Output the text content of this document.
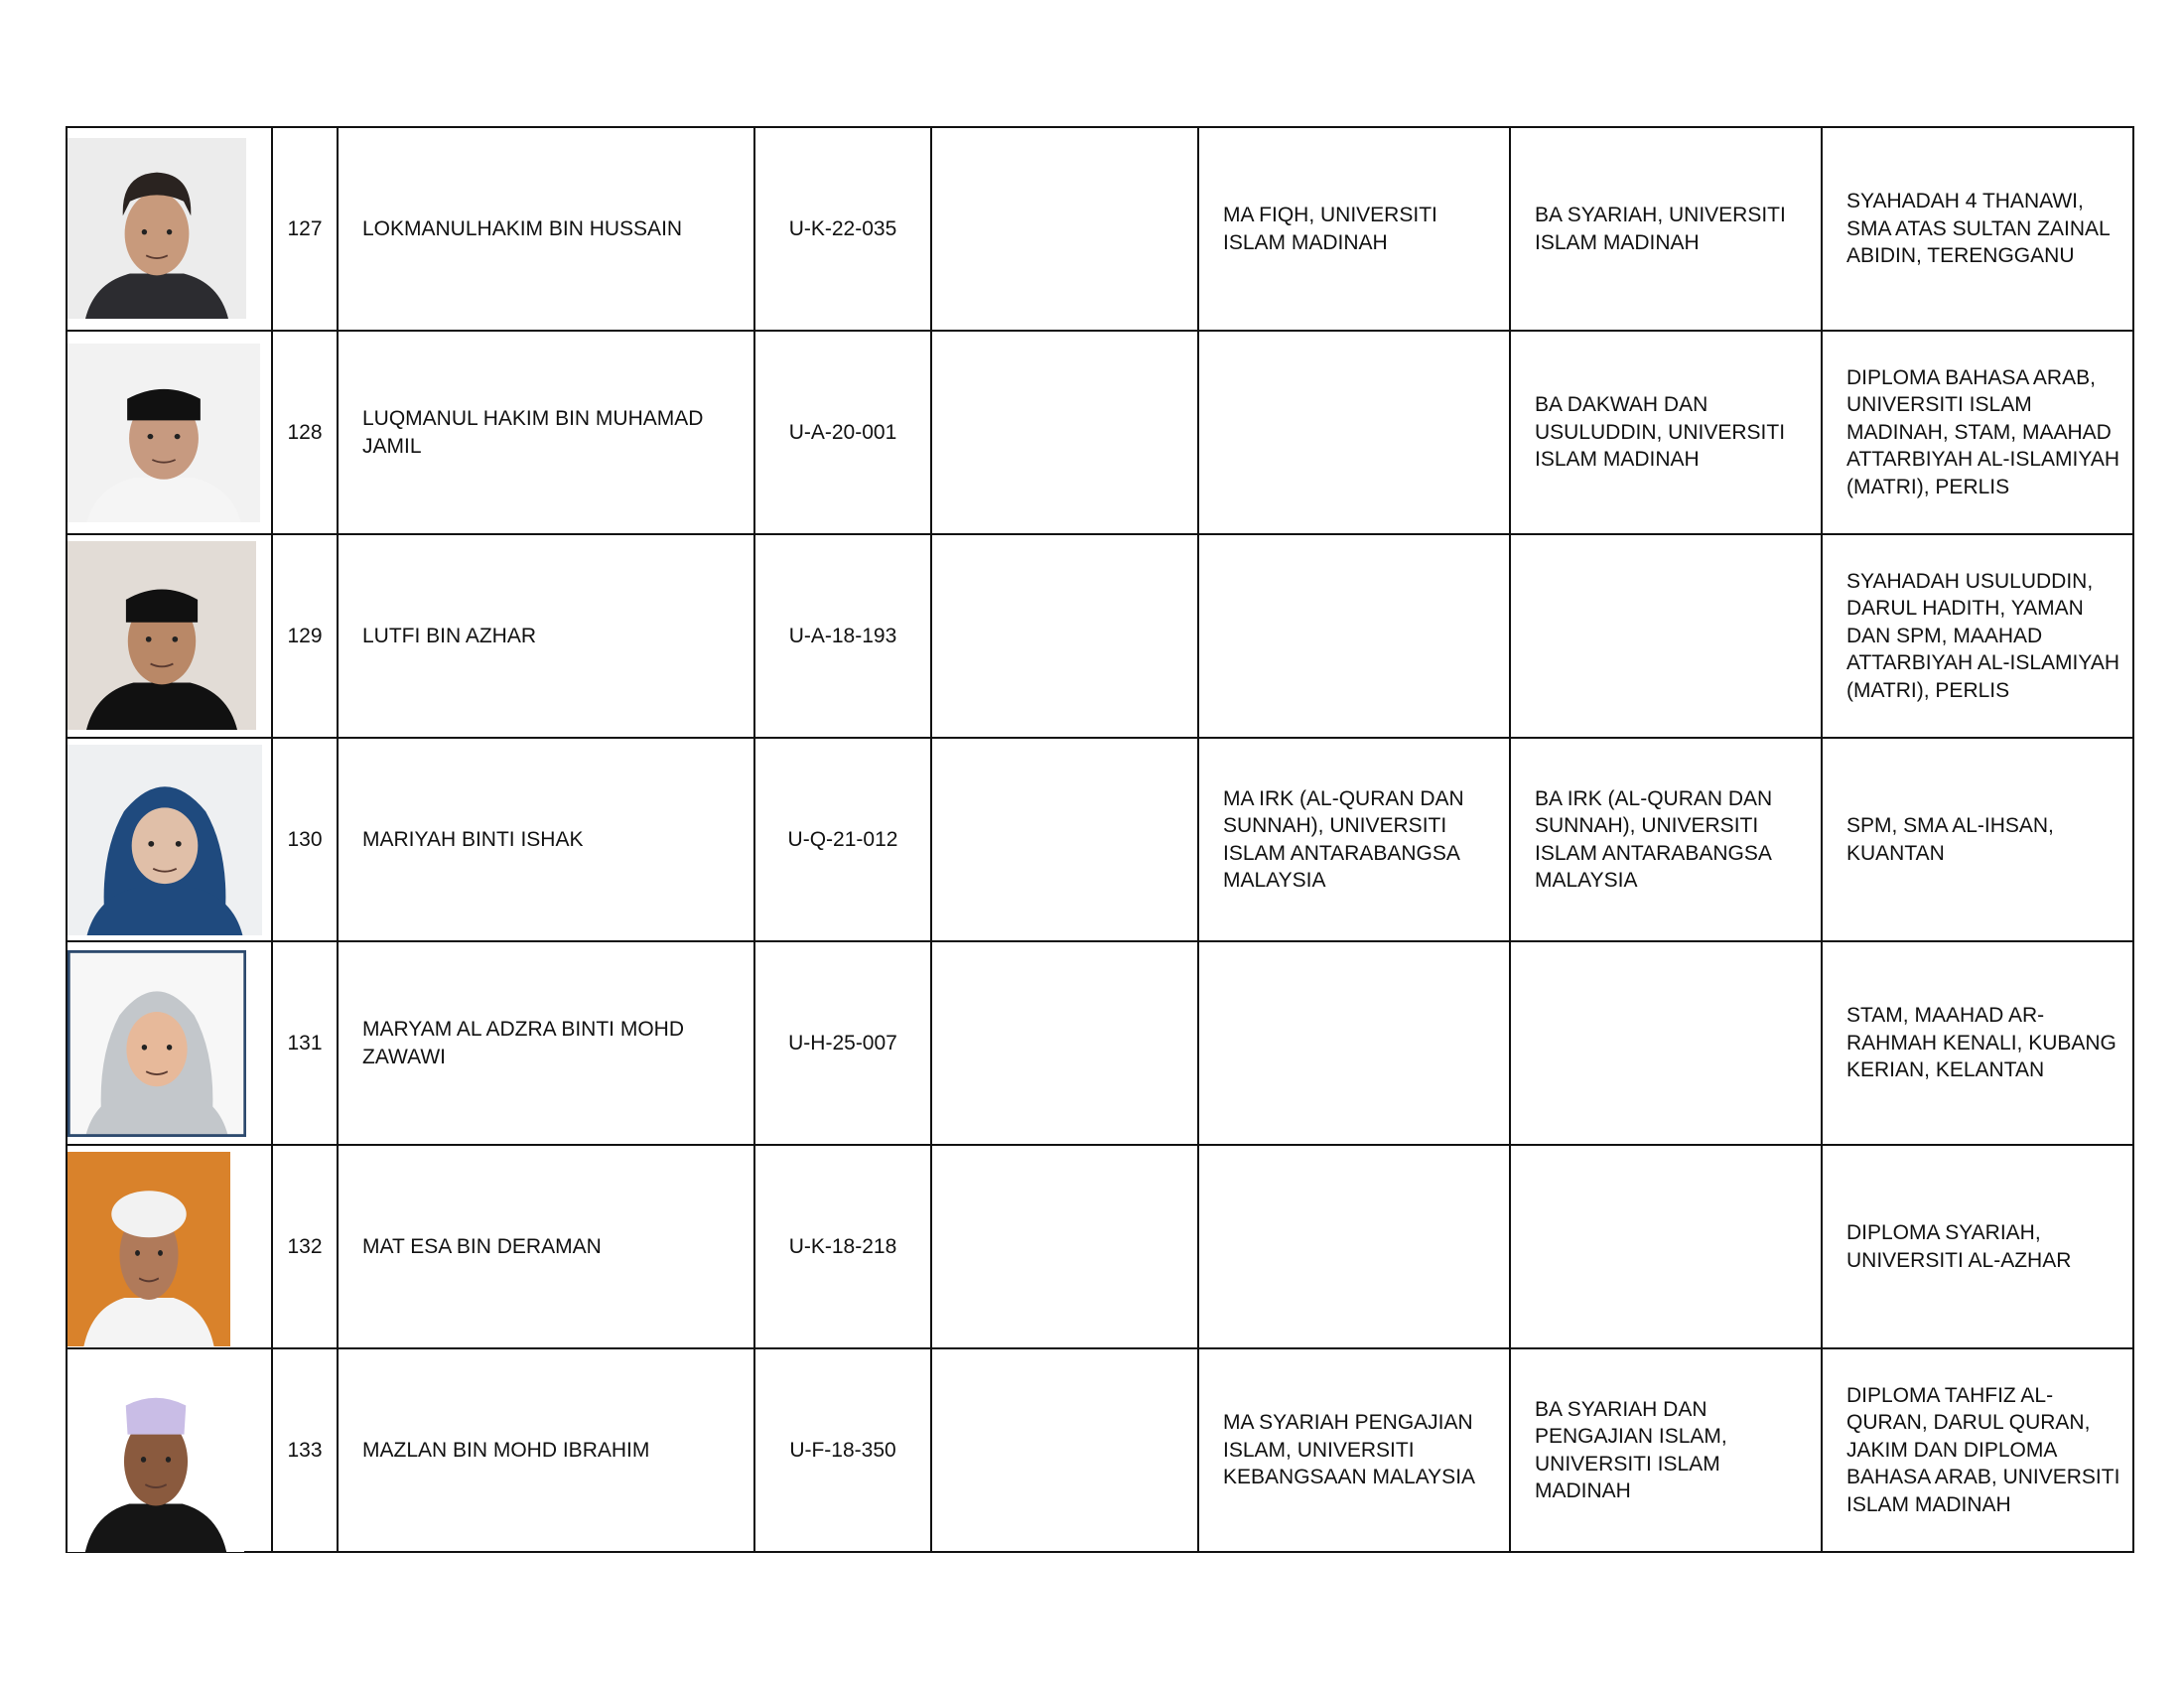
	127	LOKMANULHAKIM BIN HUSSAIN	U-K-22-035		MA FIQH, UNIVERSITI ISLAM MADINAH	BA SYARIAH, UNIVERSITI ISLAM MADINAH	SYAHADAH 4 THANAWI, SMA ATAS SULTAN ZAINAL ABIDIN, TERENGGANU

	128	LUQMANUL HAKIM BIN MUHAMAD JAMIL	U-A-20-001			BA DAKWAH DAN USULUDDIN, UNIVERSITI ISLAM MADINAH	DIPLOMA BAHASA ARAB, UNIVERSITI ISLAM MADINAH, STAM, MAAHAD ATTARBIYAH AL-ISLAMIYAH (MATRI), PERLIS

	129	LUTFI BIN AZHAR	U-A-18-193				SYAHADAH USULUDDIN, DARUL HADITH, YAMAN DAN SPM, MAAHAD ATTARBIYAH AL-ISLAMIYAH (MATRI), PERLIS

	130	MARIYAH BINTI ISHAK	U-Q-21-012		MA IRK (AL-QURAN DAN SUNNAH), UNIVERSITI ISLAM ANTARABANGSA MALAYSIA	BA IRK (AL-QURAN DAN SUNNAH), UNIVERSITI ISLAM ANTARABANGSA MALAYSIA	SPM, SMA AL-IHSAN, KUANTAN

	131	MARYAM AL ADZRA BINTI MOHD ZAWAWI	U-H-25-007				STAM, MAAHAD AR-RAHMAH KENALI, KUBANG KERIAN, KELANTAN

	132	MAT ESA BIN DERAMAN	U-K-18-218				DIPLOMA SYARIAH, UNIVERSITI AL-AZHAR

	133	MAZLAN BIN MOHD IBRAHIM	U-F-18-350		MA SYARIAH PENGAJIAN ISLAM, UNIVERSITI KEBANGSAAN MALAYSIA	BA SYARIAH DAN PENGAJIAN ISLAM, UNIVERSITI ISLAM MADINAH	DIPLOMA TAHFIZ AL-QURAN, DARUL QURAN, JAKIM DAN DIPLOMA BAHASA ARAB, UNIVERSITI ISLAM MADINAH
